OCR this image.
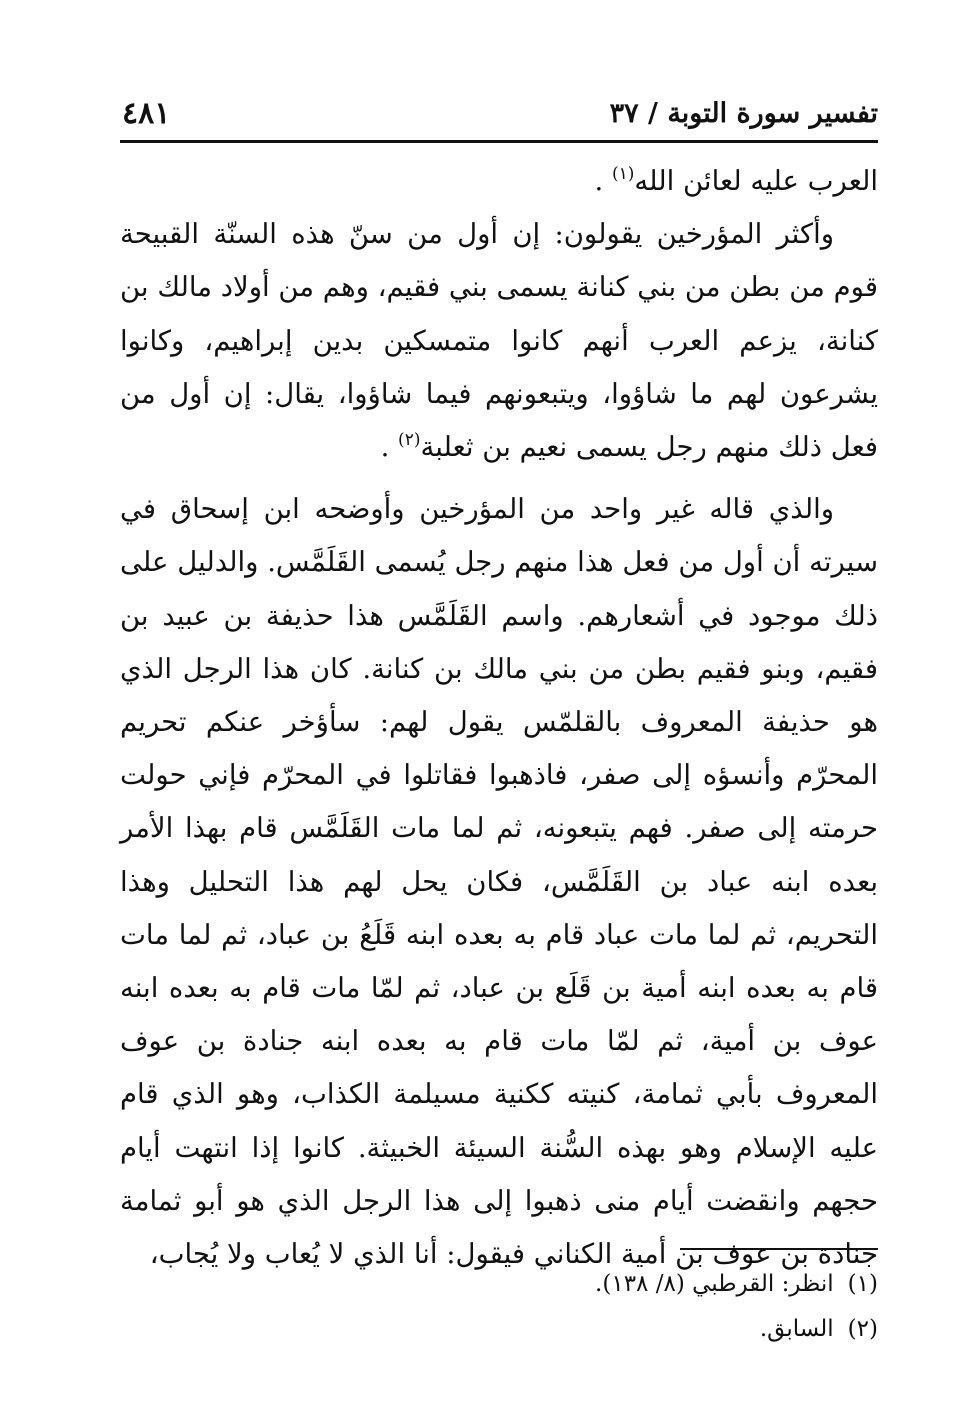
تفسير سورة التوبة / ٣٧
٤٨١

العرب عليه لعائن الله$^{(١)}$ .

وأكثر المؤرخين يقولون: إن أول من سنّ هذه السنّة القبيحة قوم من بطن من بني كنانة يسمى بني فقيم، وهم من أولاد مالك بن كنانة، يزعم العرب أنهم كانوا متمسكين بدين إبراهيم، وكانوا يشرعون لهم ما شاؤوا، ويتبعونهم فيما شاؤوا، يقال: إن أول من فعل ذلك منهم رجل يسمى نعيم بن ثعلبة$^{(٢)}$ .

والذي قاله غير واحد من المؤرخين وأوضحه ابن إسحاق في سيرته أن أول من فعل هذا منهم رجل يُسمى القَلَمَّس. والدليل على ذلك موجود في أشعارهم. واسم القَلَمَّس هذا حذيفة بن عبيد بن فقيم، وبنو فقيم بطن من بني مالك بن كنانة. كان هذا الرجل الذي هو حذيفة المعروف بالقلمّس يقول لهم: سأؤخر عنكم تحريم المحرّم وأنسؤه إلى صفر، فاذهبوا فقاتلوا في المحرّم فإني حولت حرمته إلى صفر. فهم يتبعونه، ثم لما مات القَلَمَّس قام بهذا الأمر بعده ابنه عباد بن القَلَمَّس، فكان يحل لهم هذا التحليل وهذا التحريم، ثم لما مات عباد قام به بعده ابنه قَلَعُ بن عباد، ثم لما مات قام به بعده ابنه أمية بن قَلَع بن عباد، ثم لمّا مات قام به بعده ابنه عوف بن أمية، ثم لمّا مات قام به بعده ابنه جنادة بن عوف المعروف بأبي ثمامة، كنيته ككنية مسيلمة الكذاب، وهو الذي قام عليه الإسلام وهو بهذه السُّنة السيئة الخبيثة. كانوا إذا انتهت أيام حجهم وانقضت أيام منى ذهبوا إلى هذا الرجل الذي هو أبو ثمامة جنادة بن عوف بن أمية الكناني فيقول: أنا الذي لا يُعاب ولا يُجاب،

(١)انظر: القرطبي (٨/ ١٣٨).

(٢)السابق.
